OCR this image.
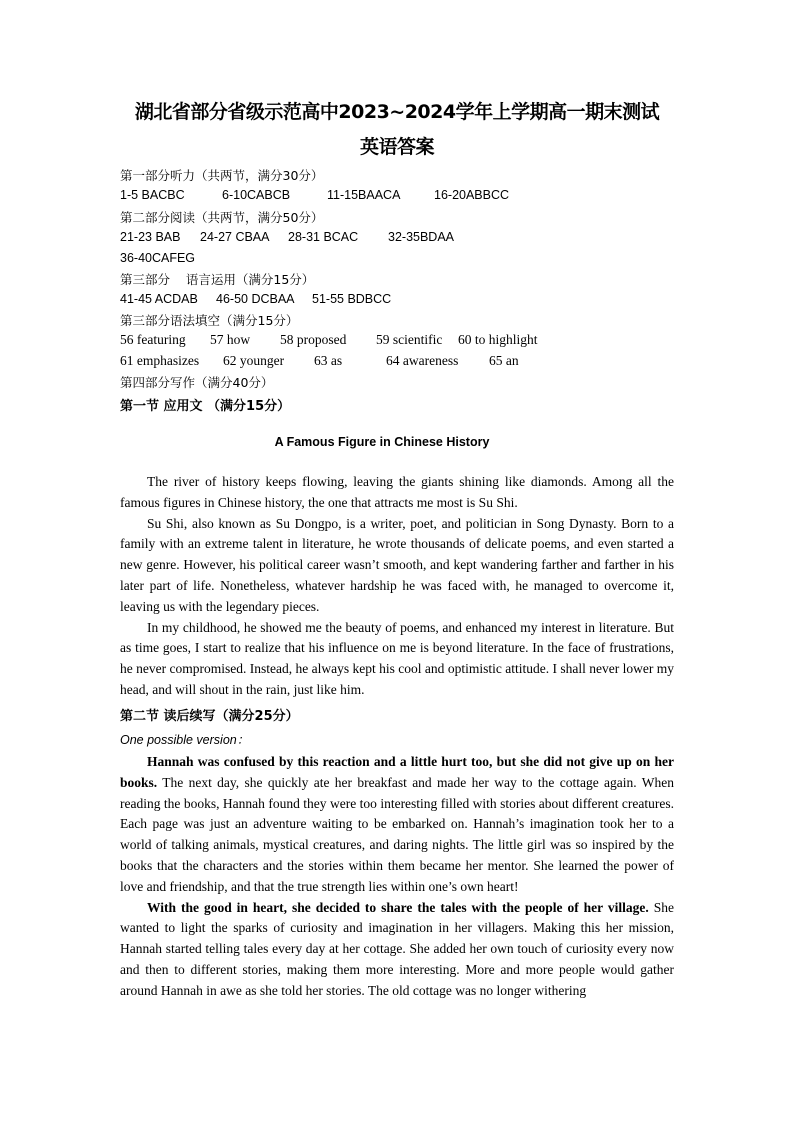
湖北省部分省级示范高中2023~2024学年上学期高一期末测试
英语答案
第一部分听力（共两节，满分30分）
1-5 BACBC	6-10CABCB	11-15BAACA	16-20ABBCC
第二部分阅读（共两节，满分50分）
21-23 BAB 24-27 CBAA 28-31 BCAC 32-35BDAA
36-40CAFEG
第三部分    语言运用（满分15分）
41-45 ACDAB 46-50 DCBAA 51-55 BDBCC
第三部分语法填空（满分15分）
56 featuring 57 how 58 proposed 59 scientific 60 to highlight
61 emphasizes 62 younger 63 as	64 awareness 65 an
第四部分写作（满分40分）
第一节 应用文 （满分15分）
A Famous Figure in Chinese History

The river of history keeps flowing, leaving the giants shining like diamonds. Among all the famous figures in Chinese history, the one that attracts me most is Su Shi.

Su Shi, also known as Su Dongpo, is a writer, poet, and politician in Song Dynasty. Born to a family with an extreme talent in literature, he wrote thousands of delicate poems, and even started a new genre. However, his political career wasn’t smooth, and kept wandering farther and farther in his later part of life. Nonetheless, whatever hardship he was faced with, he managed to overcome it, leaving us with the legendary pieces.

In my childhood, he showed me the beauty of poems, and enhanced my interest in literature. But as time goes, I start to realize that his influence on me is beyond literature. In the face of frustrations, he never compromised. Instead, he always kept his cool and optimistic attitude. I shall never lower my head, and will shout in the rain, just like him.

第二节 读后续写（满分25分）
One possible version：

Hannah was confused by this reaction and a little hurt too, but she did not give up on her books. The next day, she quickly ate her breakfast and made her way to the cottage again. When reading the books, Hannah found they were too interesting filled with stories about different creatures. Each page was just an adventure waiting to be embarked on. Hannah’s imagination took her to a world of talking animals, mystical creatures, and daring nights. The little girl was so inspired by the books that the characters and the stories within them became her mentor. She learned the power of love and friendship, and that the true strength lies within one’s own heart!

With the good in heart, she decided to share the tales with the people of her village. She wanted to light the sparks of curiosity and imagination in her villagers. Making this her mission, Hannah started telling tales every day at her cottage. She added her own touch of curiosity every now and then to different stories, making them more interesting. More and more people would gather around Hannah in awe as she told her stories. The old cottage was no longer withering
